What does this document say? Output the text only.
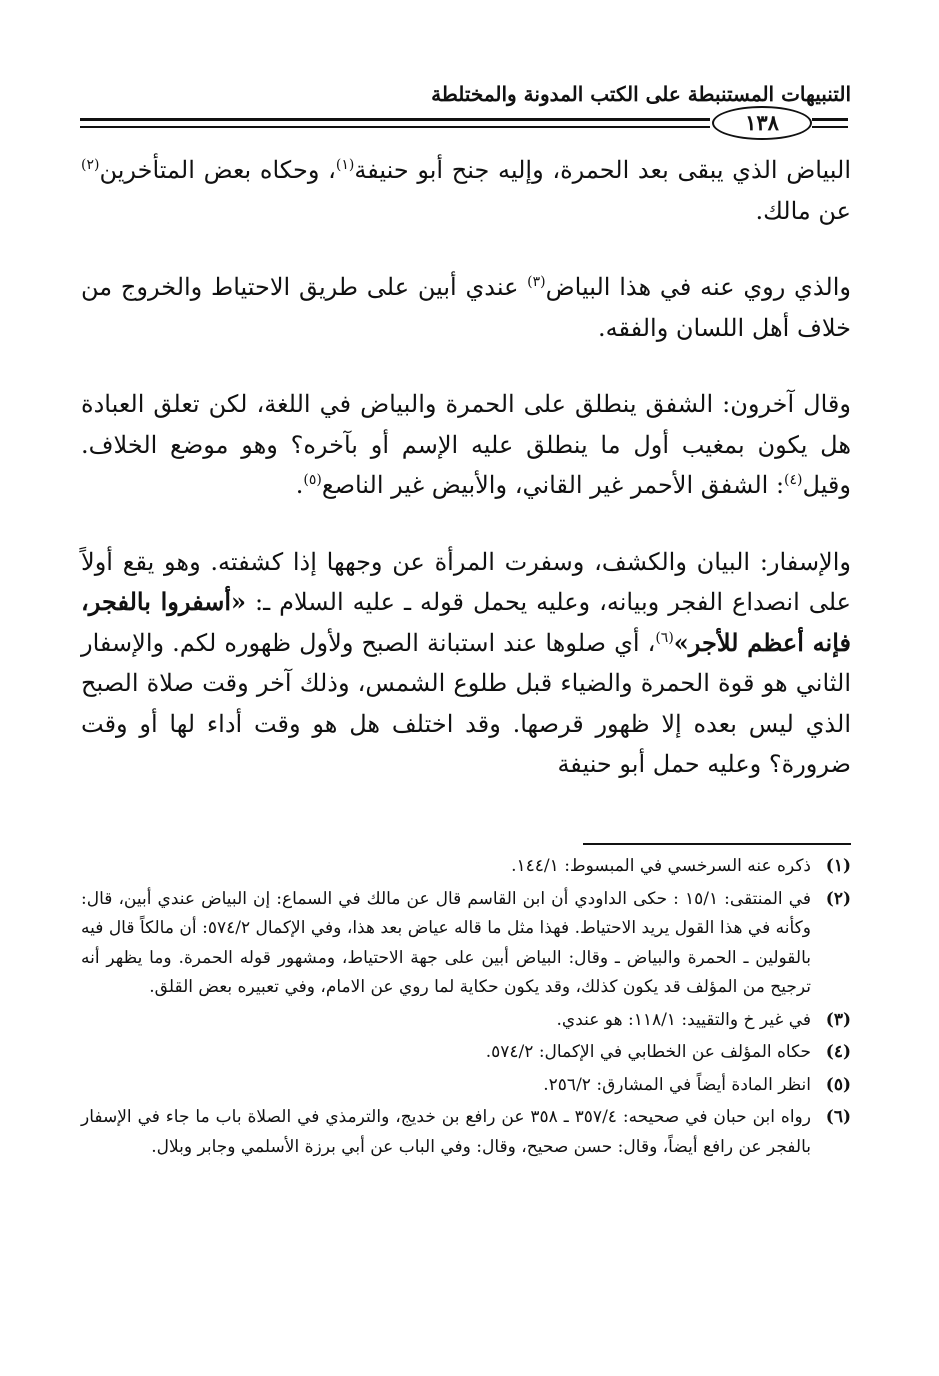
التنبيهات المستنبطة على الكتب المدونة والمختلطة
١٣٨

البياض الذي يبقى بعد الحمرة، وإليه جنح أبو حنيفة$^{(١)}$، وحكاه بعض المتأخرين$^{(٢)}$ عن مالك.

والذي روي عنه في هذا البياض$^{(٣)}$ عندي أبين على طريق الاحتياط والخروج من خلاف أهل اللسان والفقه.

وقال آخرون: الشفق ينطلق على الحمرة والبياض في اللغة، لكن تعلق العبادة هل يكون بمغيب أول ما ينطلق عليه الإسم أو بآخره؟ وهو موضع الخلاف. وقيل$^{(٤)}$: الشفق الأحمر غير القاني، والأبيض غير الناصع$^{(٥)}$.

والإسفار: البيان والكشف، وسفرت المرأة عن وجهها إذا كشفته. وهو يقع أولاً على انصداع الفجر وبيانه، وعليه يحمل قوله ـ عليه السلام ـ: «أسفروا بالفجر، فإنه أعظم للأجر»$^{(٦)}$، أي صلوها عند استبانة الصبح ولأول ظهوره لكم. والإسفار الثاني هو قوة الحمرة والضياء قبل طلوع الشمس، وذلك آخر وقت صلاة الصبح الذي ليس بعده إلا ظهور قرصها. وقد اختلف هل هو وقت أداء لها أو وقت ضرورة؟ وعليه حمل أبو حنيفة

(١)
ذكره عنه السرخسي في المبسوط: ١٤٤/١.
(٢)
في المنتقى: ١٥/١ : حكى الداودي أن ابن القاسم قال عن مالك في السماع: إن البياض عندي أبين، قال: وكأنه في هذا القول يريد الاحتياط. فهذا مثل ما قاله عياض بعد هذا، وفي الإكمال ٥٧٤/٢: أن مالكاً قال فيه بالقولين ـ الحمرة والبياض ـ وقال: البياض أبين على جهة الاحتياط، ومشهور قوله الحمرة. وما يظهر أنه ترجيح من المؤلف قد يكون كذلك، وقد يكون حكاية لما روي عن الامام، وفي تعبيره بعض القلق.
(٣)
في غير خ والتقييد: ١١٨/١: هو عندي.
(٤)
حكاه المؤلف عن الخطابي في الإكمال: ٥٧٤/٢.
(٥)
انظر المادة أيضاً في المشارق: ٢٥٦/٢.
(٦)
رواه ابن حبان في صحيحه: ٣٥٧/٤ ـ ٣٥٨ عن رافع بن خديج، والترمذي في الصلاة باب ما جاء في الإسفار بالفجر عن رافع أيضاً، وقال: حسن صحيح، وقال: وفي الباب عن أبي برزة الأسلمي وجابر وبلال.
